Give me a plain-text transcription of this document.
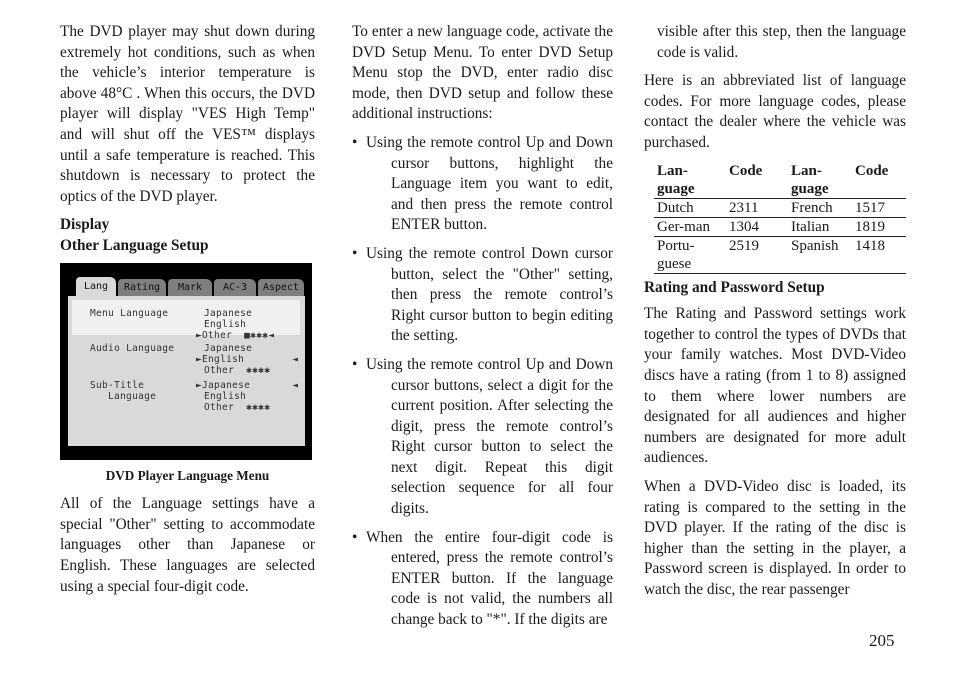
The DVD player may shut down during extremely hot conditions, such as when the vehicle’s interior temperature is above 48°C . When this occurs, the DVD player will display "VES High Temp" and will shut off the VES™ displays until a safe temperature is reached. This shutdown is necessary to protect the optics of the DVD player.

Display
Other Language Setup
Menu Language	Japanese
English
►Other  ■✱✱✱◄
Audio Language	Japanese
►English        ◄
Other  ✱✱✱✱
Sub-Title
Language
►Japanese       ◄
English
Other  ✱✱✱✱
Lang	Rating	Mark	AC-3	Aspect
DVD Player Language Menu

All of the Language settings have a special "Other" setting to accommodate languages other than Japanese or English. These languages are selected using a special four-digit code.

To enter a new language code, activate the DVD Setup Menu. To enter DVD Setup Menu stop the DVD, enter radio disc mode, then DVD setup and follow these additional instructions:

• Using the remote control Up and Down cursor buttons, highlight the Language item you want to edit, and then press the remote control ENTER button.
• Using the remote control Down cursor button, select the "Other" setting, then press the remote control’s Right cursor button to begin editing the setting.
• Using the remote control Up and Down cursor buttons, select a digit for the current position. After selecting the digit, press the remote control’s Right cursor button to select the next digit. Repeat this digit selection sequence for all four digits.
• When the entire four-digit code is entered, press the remote control’s ENTER button. If the language code is not valid, the numbers all change back to "*". If the digits are

visible after this step, then the language code is valid.

Here is an abbreviated list of language codes. For more language codes, please contact the dealer where the vehicle was purchased.

Lan-guage	Code	Lan-guage	Code
Dutch	2311	French	1517
Ger-man	1304	Italian	1819
Portu-guese	2519	Spanish	1418
Rating and Password Setup

The Rating and Password settings work together to control the types of DVDs that your family watches. Most DVD-Video discs have a rating (from 1 to 8) assigned to them where lower numbers are designated for all audiences and higher numbers are designated for more adult audiences.

When a DVD-Video disc is loaded, its rating is compared to the setting in the DVD player. If the rating of the disc is higher than the setting in the player, a Password screen is displayed. In order to watch the disc, the rear passenger

205
